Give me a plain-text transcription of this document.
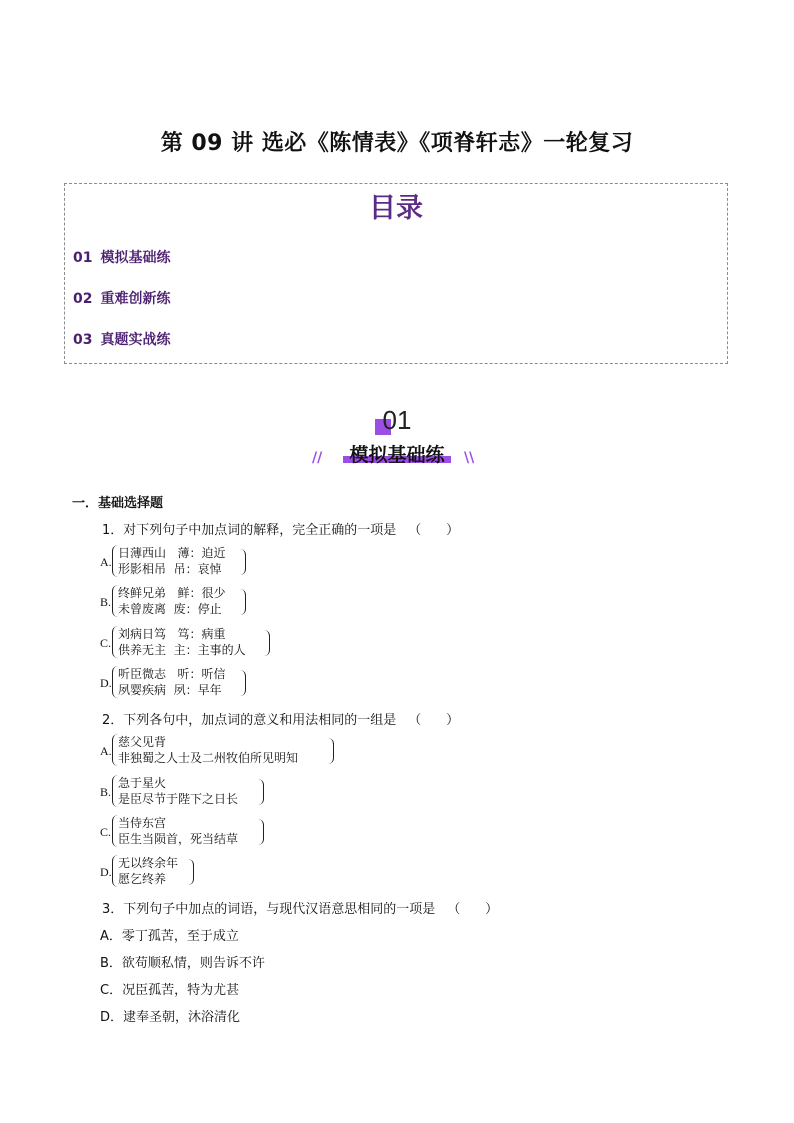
第 09 讲 选必《陈情表》《项脊轩志》一轮复习
目录
01 模拟基础练
02 重难创新练
03 真题实战练
01
//	\\
模拟基础练
一．基础选择题
1．对下列句子中加点词的解释，完全正确的一项是 （      ）
A.
日薄西山   薄：迫近
形影相吊  吊：哀悼
B.
终鲜兄弟   鲜：很少
未曾废离  废：停止
C.
刘病日笃   笃：病重
供养无主  主：主事的人
D.
听臣微志   听：听信
夙婴疾病  夙：早年
2．下列各句中，加点词的意义和用法相同的一组是 （      ）
A.
慈父见背
非独蜀之人士及二州牧伯所见明知
B.
急于星火
是臣尽节于陛下之日长
C.
当侍东宫
臣生当陨首，死当结草
D.
无以终余年
愿乞终养
3．下列句子中加点的词语，与现代汉语意思相同的一项是 （      ）
A．零丁孤苦，至于成立
B．欲苟顺私情，则告诉不许
C．况臣孤苦，特为尤甚
D．逮奉圣朝，沐浴清化
